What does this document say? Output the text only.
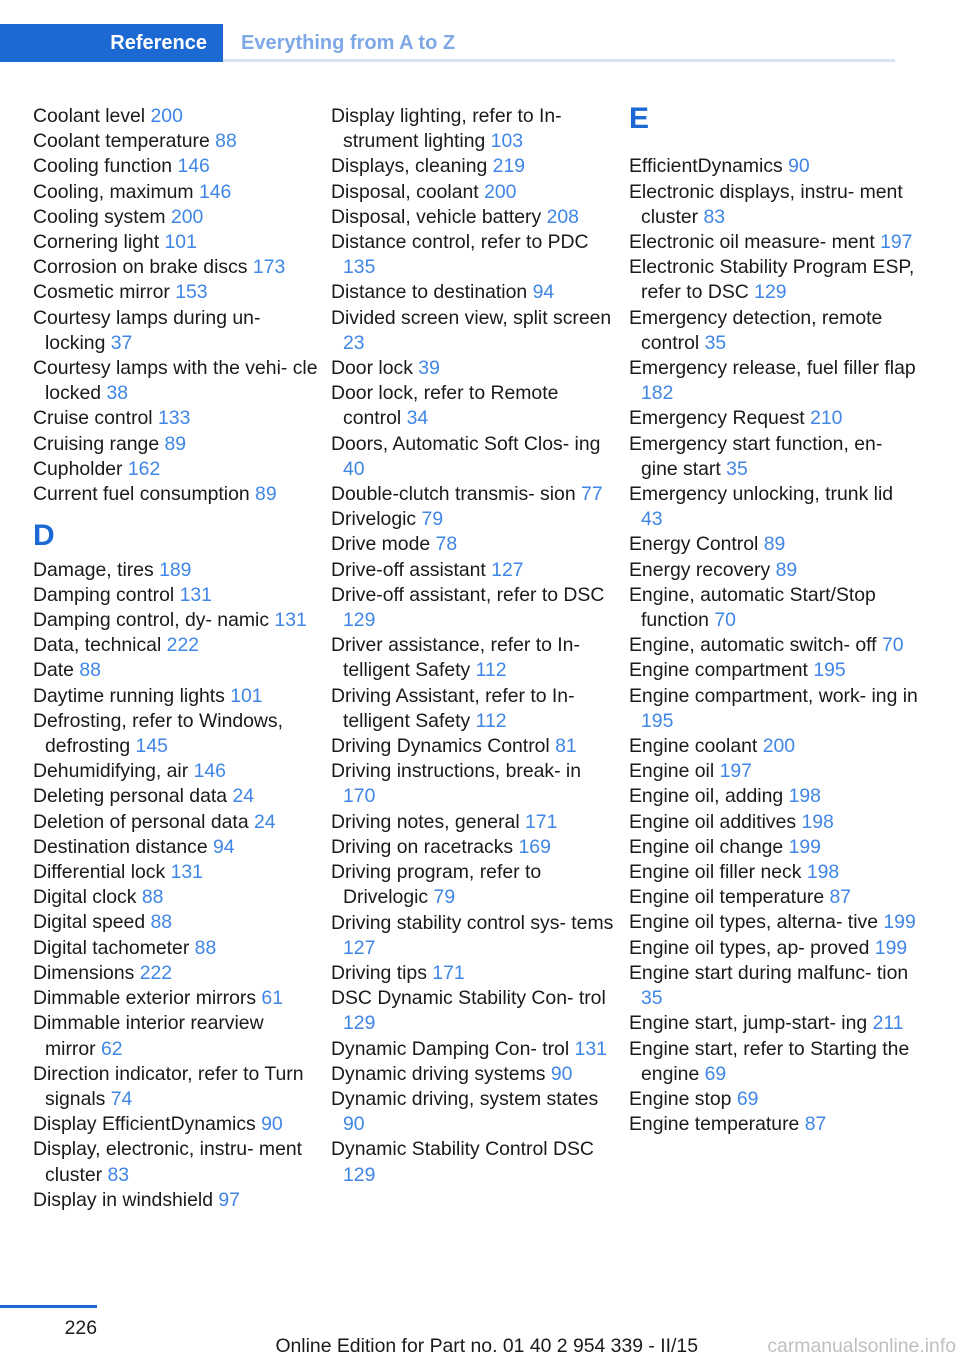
Reference	Everything from A to Z
Coolant level 200
Coolant temperature 88
Cooling function 146
Cooling, maximum 146
Cooling system 200
Cornering light 101
Corrosion on brake discs 173
Cosmetic mirror 153
Courtesy lamps during un‐ locking 37
Courtesy lamps with the vehi‐ cle locked 38
Cruise control 133
Cruising range 89
Cupholder 162
Current fuel consumption 89
D
Damage, tires 189
Damping control 131
Damping control, dy‐ namic 131
Data, technical 222
Date 88
Daytime running lights 101
Defrosting, refer to Windows, defrosting 145
Dehumidifying, air 146
Deleting personal data 24
Deletion of personal data 24
Destination distance 94
Differential lock 131
Digital clock 88
Digital speed 88
Digital tachometer 88
Dimensions 222
Dimmable exterior mirrors 61
Dimmable interior rearview mirror 62
Direction indicator, refer to Turn signals 74
Display EfficientDynamics 90
Display, electronic, instru‐ ment cluster 83
Display in windshield 97
Display lighting, refer to In‐ strument lighting 103
Displays, cleaning 219
Disposal, coolant 200
Disposal, vehicle battery 208
Distance control, refer to PDC 135
Distance to destination 94
Divided screen view, split screen 23
Door lock 39
Door lock, refer to Remote control 34
Doors, Automatic Soft Clos‐ ing 40
Double-clutch transmis‐ sion 77
Drivelogic 79
Drive mode 78
Drive-off assistant 127
Drive-off assistant, refer to DSC 129
Driver assistance, refer to In‐ telligent Safety 112
Driving Assistant, refer to In‐ telligent Safety 112
Driving Dynamics Control 81
Driving instructions, break- in 170
Driving notes, general 171
Driving on racetracks 169
Driving program, refer to Drivelogic 79
Driving stability control sys‐ tems 127
Driving tips 171
DSC Dynamic Stability Con‐ trol 129
Dynamic Damping Con‐ trol 131
Dynamic driving systems 90
Dynamic driving, system states 90
Dynamic Stability Control DSC 129
E
EfficientDynamics 90
Electronic displays, instru‐ ment cluster 83
Electronic oil measure‐ ment 197
Electronic Stability Program ESP, refer to DSC 129
Emergency detection, remote control 35
Emergency release, fuel filler flap 182
Emergency Request 210
Emergency start function, en‐ gine start 35
Emergency unlocking, trunk lid 43
Energy Control 89
Energy recovery 89
Engine, automatic Start/Stop function 70
Engine, automatic switch- off 70
Engine compartment 195
Engine compartment, work‐ ing in 195
Engine coolant 200
Engine oil 197
Engine oil, adding 198
Engine oil additives 198
Engine oil change 199
Engine oil filler neck 198
Engine oil temperature 87
Engine oil types, alterna‐ tive 199
Engine oil types, ap‐ proved 199
Engine start during malfunc‐ tion 35
Engine start, jump-start‐ ing 211
Engine start, refer to Starting the engine 69
Engine stop 69
Engine temperature 87
226
Online Edition for Part no. 01 40 2 954 339 - II/15	carmanualsonline.info
